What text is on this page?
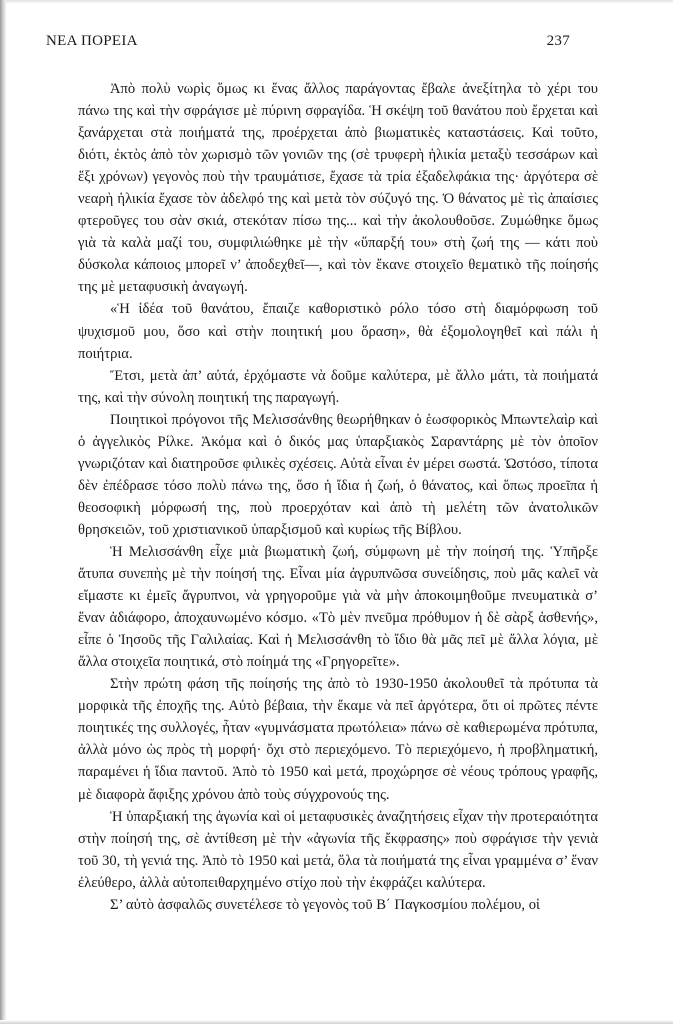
ΝΕΑ ΠΟΡΕΙΑ	237

Ἀπὸ πολὺ νωρὶς ὅμως κι ἕνας ἄλλος παράγοντας ἔβαλε ἀνεξίτηλα τὸ χέρι του πάνω της καὶ τὴν σφράγισε μὲ πύρινη σφραγίδα. Ἡ σκέψη τοῦ θανάτου ποὺ ἔρχεται καὶ ξανάρχεται στὰ ποιήματά της, προέρχεται ἀπὸ βιωματικὲς καταστάσεις. Καὶ τοῦτο, διότι, ἐκτὸς ἀπὸ τὸν χωρισμὸ τῶν γονιῶν της (σὲ τρυφερὴ ἡλικία μεταξὺ τεσσάρων καὶ ἕξι χρόνων) γεγονὸς ποὺ τὴν τραυμάτισε, ἔχασε τὰ τρία ἐξαδελφάκια της· ἀργότερα σὲ νεαρὴ ἡλικία ἔχασε τὸν ἀδελφό της καὶ μετὰ τὸν σύζυγό της. Ὁ θάνατος μὲ τὶς ἀπαίσιες φτεροῦγες του σὰν σκιά, στεκόταν πίσω της... καὶ τὴν ἀκολουθοῦσε. Ζυμώθηκε ὅμως γιὰ τὰ καλὰ μαζί του, συμφιλιώθηκε μὲ τὴν «ὕπαρξή του» στὴ ζωή της — κάτι ποὺ δύσκολα κάποιος μπορεῖ ν’ ἀποδεχθεῖ—, καὶ τὸν ἔκανε στοιχεῖο θεματικὸ τῆς ποίησής της μὲ μεταφυσικὴ ἀναγωγή.

«Ἡ ἰδέα τοῦ θανάτου, ἔπαιζε καθοριστικὸ ρόλο τόσο στὴ διαμόρφωση τοῦ ψυχισμοῦ μου, ὅσο καὶ στὴν ποιητική μου ὅραση», θὰ ἐξομολογηθεῖ καὶ πάλι ἡ ποιήτρια.

Ἔτσι, μετὰ ἀπ’ αὐτά, ἐρχόμαστε νὰ δοῦμε καλύτερα, μὲ ἄλλο μάτι, τὰ ποιήματά της, καὶ τὴν σύνολη ποιητική της παραγωγή.

Ποιητικοὶ πρόγονοι τῆς Μελισσάνθης θεωρήθηκαν ὁ ἑωσφορικὸς Μπωντελαὶρ καὶ ὁ ἀγγελικὸς Ρίλκε. Ἀκόμα καὶ ὁ δικός μας ὑπαρξιακὸς Σαραντάρης μὲ τὸν ὁποῖον γνωριζόταν καὶ διατηροῦσε φιλικὲς σχέσεις. Αὐτὰ εἶναι ἐν μέρει σωστά. Ὡστόσο, τίποτα δὲν ἐπέδρασε τόσο πολὺ πάνω της, ὅσο ἡ ἴδια ἡ ζωή, ὁ θάνατος, καὶ ὅπως προεῖπα ἡ θεοσοφικὴ μόρφωσή της, ποὺ προερχόταν καὶ ἀπὸ τὴ μελέτη τῶν ἀνατολικῶν θρησκειῶν, τοῦ χριστιανικοῦ ὑπαρξισμοῦ καὶ κυρίως τῆς Βίβλου.

Ἡ Μελισσάνθη εἶχε μιὰ βιωματικὴ ζωή, σύμφωνη μὲ τὴν ποίησή της. Ὑπῆρξε ἄτυπα συνεπὴς μὲ τὴν ποίησή της. Εἶναι μία ἀγρυπνῶσα συνείδησις, ποὺ μᾶς καλεῖ νὰ εἴμαστε κι ἐμεῖς ἄγρυπνοι, νὰ γρηγοροῦμε γιὰ νὰ μὴν ἀποκοιμηθοῦμε πνευματικὰ σ’ ἕναν ἀδιάφορο, ἀποχαυνωμένο κόσμο. «Τὸ μὲν πνεῦμα πρόθυμον ἡ δὲ σὰρξ ἀσθενής», εἶπε ὁ Ἰησοῦς τῆς Γαλιλαίας. Καὶ ἡ Μελισσάνθη τὸ ἴδιο θὰ μᾶς πεῖ μὲ ἄλλα λόγια, μὲ ἄλλα στοιχεῖα ποιητικά, στὸ ποίημά της «Γρηγορεῖτε».

Στὴν πρώτη φάση τῆς ποίησής της ἀπὸ τὸ 1930-1950 ἀκολουθεῖ τὰ πρότυπα τὰ μορφικὰ τῆς ἐποχῆς της. Αὐτὸ βέβαια, τὴν ἔκαμε νὰ πεῖ ἀργότερα, ὅτι οἱ πρῶτες πέντε ποιητικές της συλλογές, ἦταν «γυμνάσματα πρωτόλεια» πάνω σὲ καθιερωμένα πρότυπα, ἀλλὰ μόνο ὡς πρὸς τὴ μορφή· ὄχι στὸ περιεχόμενο. Τὸ περιεχόμενο, ἡ προβληματική, παραμένει ἡ ἴδια παντοῦ. Ἀπὸ τὸ 1950 καὶ μετά, προχώρησε σὲ νέους τρόπους γραφῆς, μὲ διαφορὰ ἄφιξης χρόνου ἀπὸ τοὺς σύγχρονούς της.

Ἡ ὑπαρξιακή της ἀγωνία καὶ οἱ μεταφυσικὲς ἀναζητήσεις εἶχαν τὴν προτεραιότητα στὴν ποίησή της, σὲ ἀντίθεση μὲ τὴν «ἀγωνία τῆς ἔκφρασης» ποὺ σφράγισε τὴν γενιὰ τοῦ 30, τὴ γενιά της. Ἀπὸ τὸ 1950 καὶ μετά, ὅλα τὰ ποιήματά της εἶναι γραμμένα σ’ ἕναν ἐλεύθερο, ἀλλὰ αὐτοπειθαρχημένο στίχο ποὺ τὴν ἐκφράζει καλύτερα.

Σ’ αὐτὸ ἀσφαλῶς συνετέλεσε τὸ γεγονὸς τοῦ Β΄ Παγκοσμίου πολέμου, οἱ
